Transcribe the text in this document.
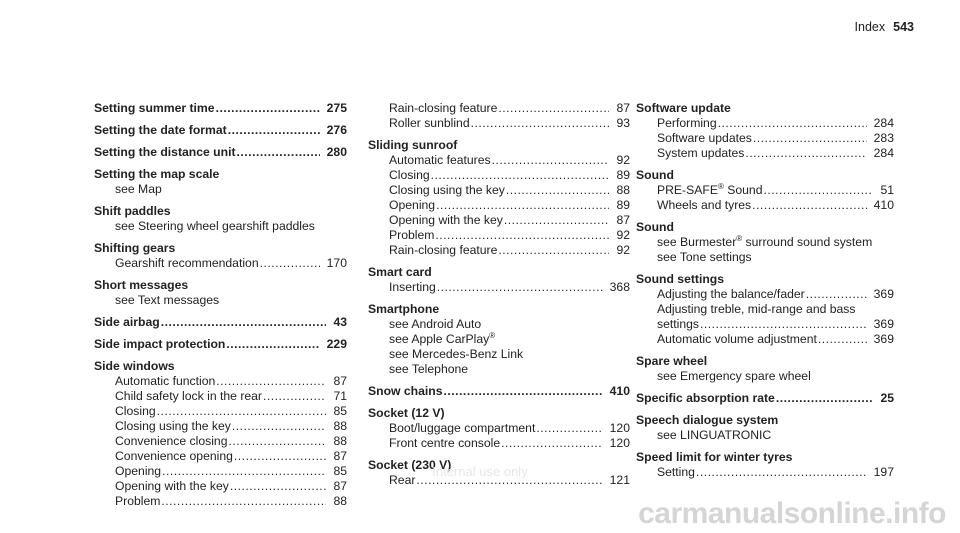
Index 543
Setting summer time .....	275
Setting the date format .....	276
Setting the distance unit .....	280
Setting the map scale
see Map
Shift paddles
see Steering wheel gearshift paddles
Shifting gears
Gearshift recommendation .....	170
Short messages
see Text messages
Side airbag .....	43
Side impact protection .....	229
Side windows
Automatic function .....	87
Child safety lock in the rear .....	71
Closing .....	85
Closing using the key .....	88
Convenience closing .....	88
Convenience opening .....	87
Opening .....	85
Opening with the key .....	87
Problem .....	88
Rain-closing feature .....	87
Roller sunblind .....	93
Sliding sunroof
Automatic features .....	92
Closing .....	89
Closing using the key .....	88
Opening .....	89
Opening with the key .....	87
Problem .....	92
Rain-closing feature .....	92
Smart card
Inserting .....	368
Smartphone
see Android Auto
see Apple CarPlay®
see Mercedes-Benz Link
see Telephone
Snow chains .....	410
Socket (12 V)
Boot/luggage compartment .....	120
Front centre console .....	120
Socket (230 V)
Rear .....	121
Software update
Performing .....	284
Software updates .....	283
System updates .....	284
Sound
PRE-SAFE® Sound .....	51
Wheels and tyres .....	410
Sound
see Burmester® surround sound system
see Tone settings
Sound settings
Adjusting the balance/fader .....	369
Adjusting treble, mid-range and bass
settings .....	369
Automatic volume adjustment .....	369
Spare wheel
see Emergency spare wheel
Specific absorption rate .....	25
Speech dialogue system
see LINGUATRONIC
Speed limit for winter tyres
Setting .....	197
Internal use only
carmanualsonline.info
